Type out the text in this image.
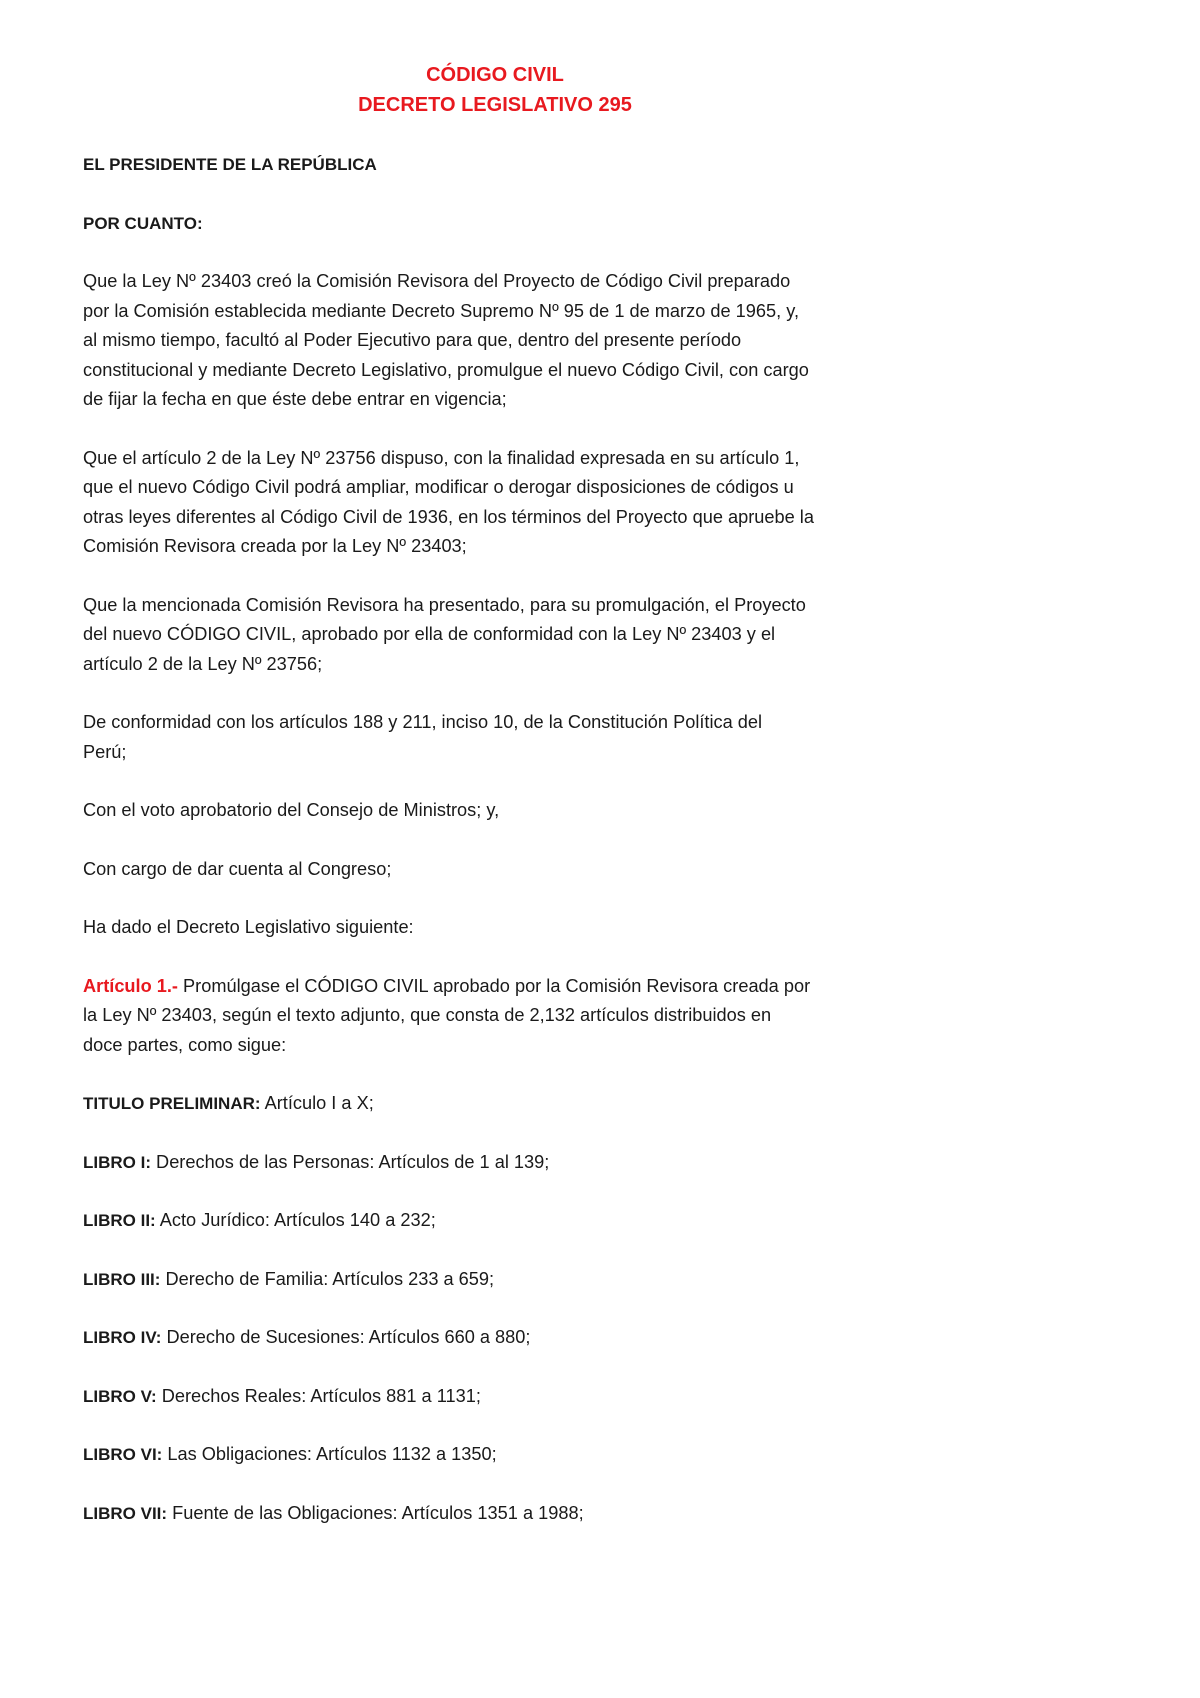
CÓDIGO CIVIL
DECRETO LEGISLATIVO 295

EL PRESIDENTE DE LA REPÚBLICA

POR CUANTO:

Que la Ley Nº 23403 creó la Comisión Revisora del Proyecto de Código Civil preparado
por la Comisión establecida mediante Decreto Supremo Nº 95 de 1 de marzo de 1965, y,
al mismo tiempo, facultó al Poder Ejecutivo para que, dentro del presente período
constitucional y mediante Decreto Legislativo, promulgue el nuevo Código Civil, con cargo
de fijar la fecha en que éste debe entrar en vigencia;

Que el artículo 2 de la Ley Nº 23756 dispuso, con la finalidad expresada en su artículo 1,
que el nuevo Código Civil podrá ampliar, modificar o derogar disposiciones de códigos u
otras leyes diferentes al Código Civil de 1936, en los términos del Proyecto que apruebe la
Comisión Revisora creada por la Ley Nº 23403;

Que la mencionada Comisión Revisora ha presentado, para su promulgación, el Proyecto
del nuevo CÓDIGO CIVIL, aprobado por ella de conformidad con la Ley Nº 23403 y el
artículo 2 de la Ley Nº 23756;

De conformidad con los artículos 188 y 211, inciso 10, de la Constitución Política del
Perú;

Con el voto aprobatorio del Consejo de Ministros; y,

Con cargo de dar cuenta al Congreso;

Ha dado el Decreto Legislativo siguiente:

Artículo 1.- Promúlgase el CÓDIGO CIVIL aprobado por la Comisión Revisora creada por
la Ley Nº 23403, según el texto adjunto, que consta de 2,132 artículos distribuidos en
doce partes, como sigue:

TITULO PRELIMINAR: Artículo I a X;

LIBRO I: Derechos de las Personas: Artículos de 1 al 139;

LIBRO II: Acto Jurídico: Artículos 140 a 232;

LIBRO III: Derecho de Familia: Artículos 233 a 659;

LIBRO IV: Derecho de Sucesiones: Artículos 660 a 880;

LIBRO V: Derechos Reales: Artículos 881 a 1131;

LIBRO VI: Las Obligaciones: Artículos 1132 a 1350;

LIBRO VII: Fuente de las Obligaciones: Artículos 1351 a 1988;
